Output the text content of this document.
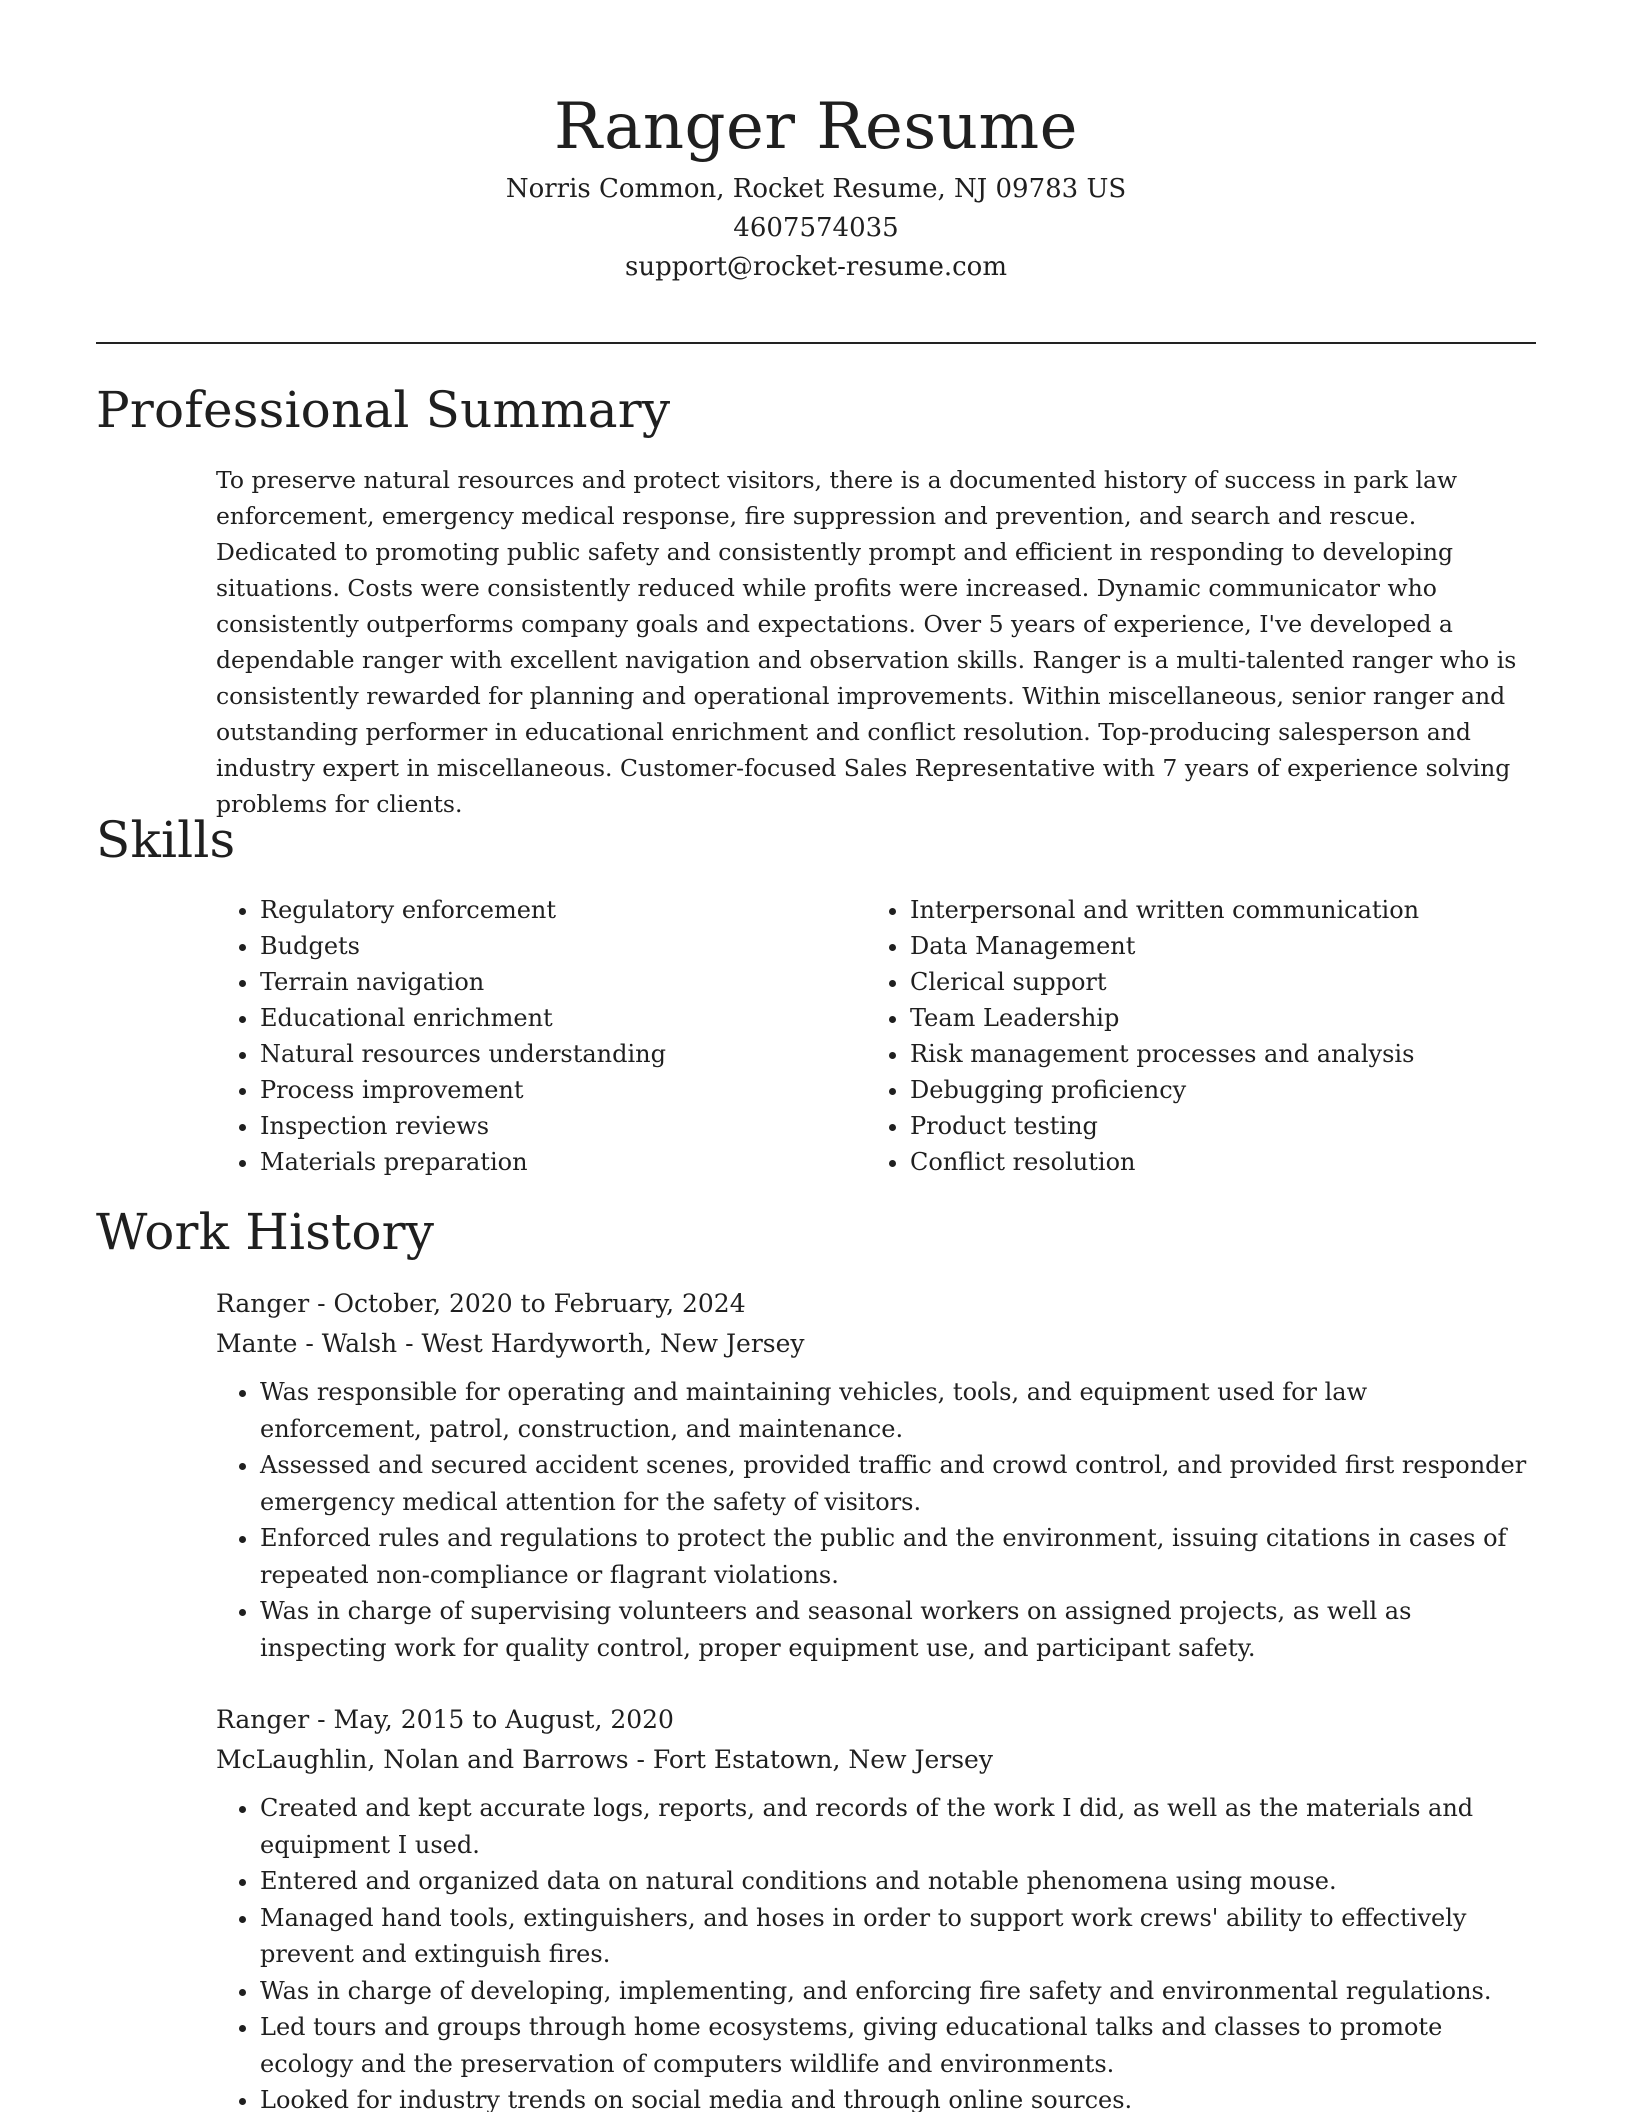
Ranger Resume

Norris Common, Rocket Resume, NJ 09783 US

4607574035

support@rocket-resume.com

Professional Summary

To preserve natural resources and protect visitors, there is a documented history of success in park law enforcement, emergency medical response, fire suppression and prevention, and search and rescue. Dedicated to promoting public safety and consistently prompt and efficient in responding to developing situations. Costs were consistently reduced while profits were increased. Dynamic communicator who consistently outperforms company goals and expectations. Over 5 years of experience, I've developed a dependable ranger with excellent navigation and observation skills. Ranger is a multi-talented ranger who is consistently rewarded for planning and operational improvements. Within miscellaneous, senior ranger and outstanding performer in educational enrichment and conflict resolution. Top-producing salesperson and industry expert in miscellaneous. Customer-focused Sales Representative with 7 years of experience solving problems for clients.

Skills
• Regulatory enforcement
• Budgets
• Terrain navigation
• Educational enrichment
• Natural resources understanding
• Process improvement
• Inspection reviews
• Materials preparation
• Interpersonal and written communication
• Data Management
• Clerical support
• Team Leadership
• Risk management processes and analysis
• Debugging proficiency
• Product testing
• Conflict resolution
Work History

Ranger - October, 2020 to February, 2024

Mante - Walsh - West Hardyworth, New Jersey

• Was responsible for operating and maintaining vehicles, tools, and equipment used for law enforcement, patrol, construction, and maintenance.
• Assessed and secured accident scenes, provided traffic and crowd control, and provided first responder emergency medical attention for the safety of visitors.
• Enforced rules and regulations to protect the public and the environment, issuing citations in cases of repeated non-compliance or flagrant violations.
• Was in charge of supervising volunteers and seasonal workers on assigned projects, as well as inspecting work for quality control, proper equipment use, and participant safety.

Ranger - May, 2015 to August, 2020

McLaughlin, Nolan and Barrows - Fort Estatown, New Jersey

• Created and kept accurate logs, reports, and records of the work I did, as well as the materials and equipment I used.
• Entered and organized data on natural conditions and notable phenomena using mouse.
• Managed hand tools, extinguishers, and hoses in order to support work crews' ability to effectively prevent and extinguish fires.
• Was in charge of developing, implementing, and enforcing fire safety and environmental regulations.
• Led tours and groups through home ecosystems, giving educational talks and classes to promote ecology and the preservation of computers wildlife and environments.
• Looked for industry trends on social media and through online sources.
